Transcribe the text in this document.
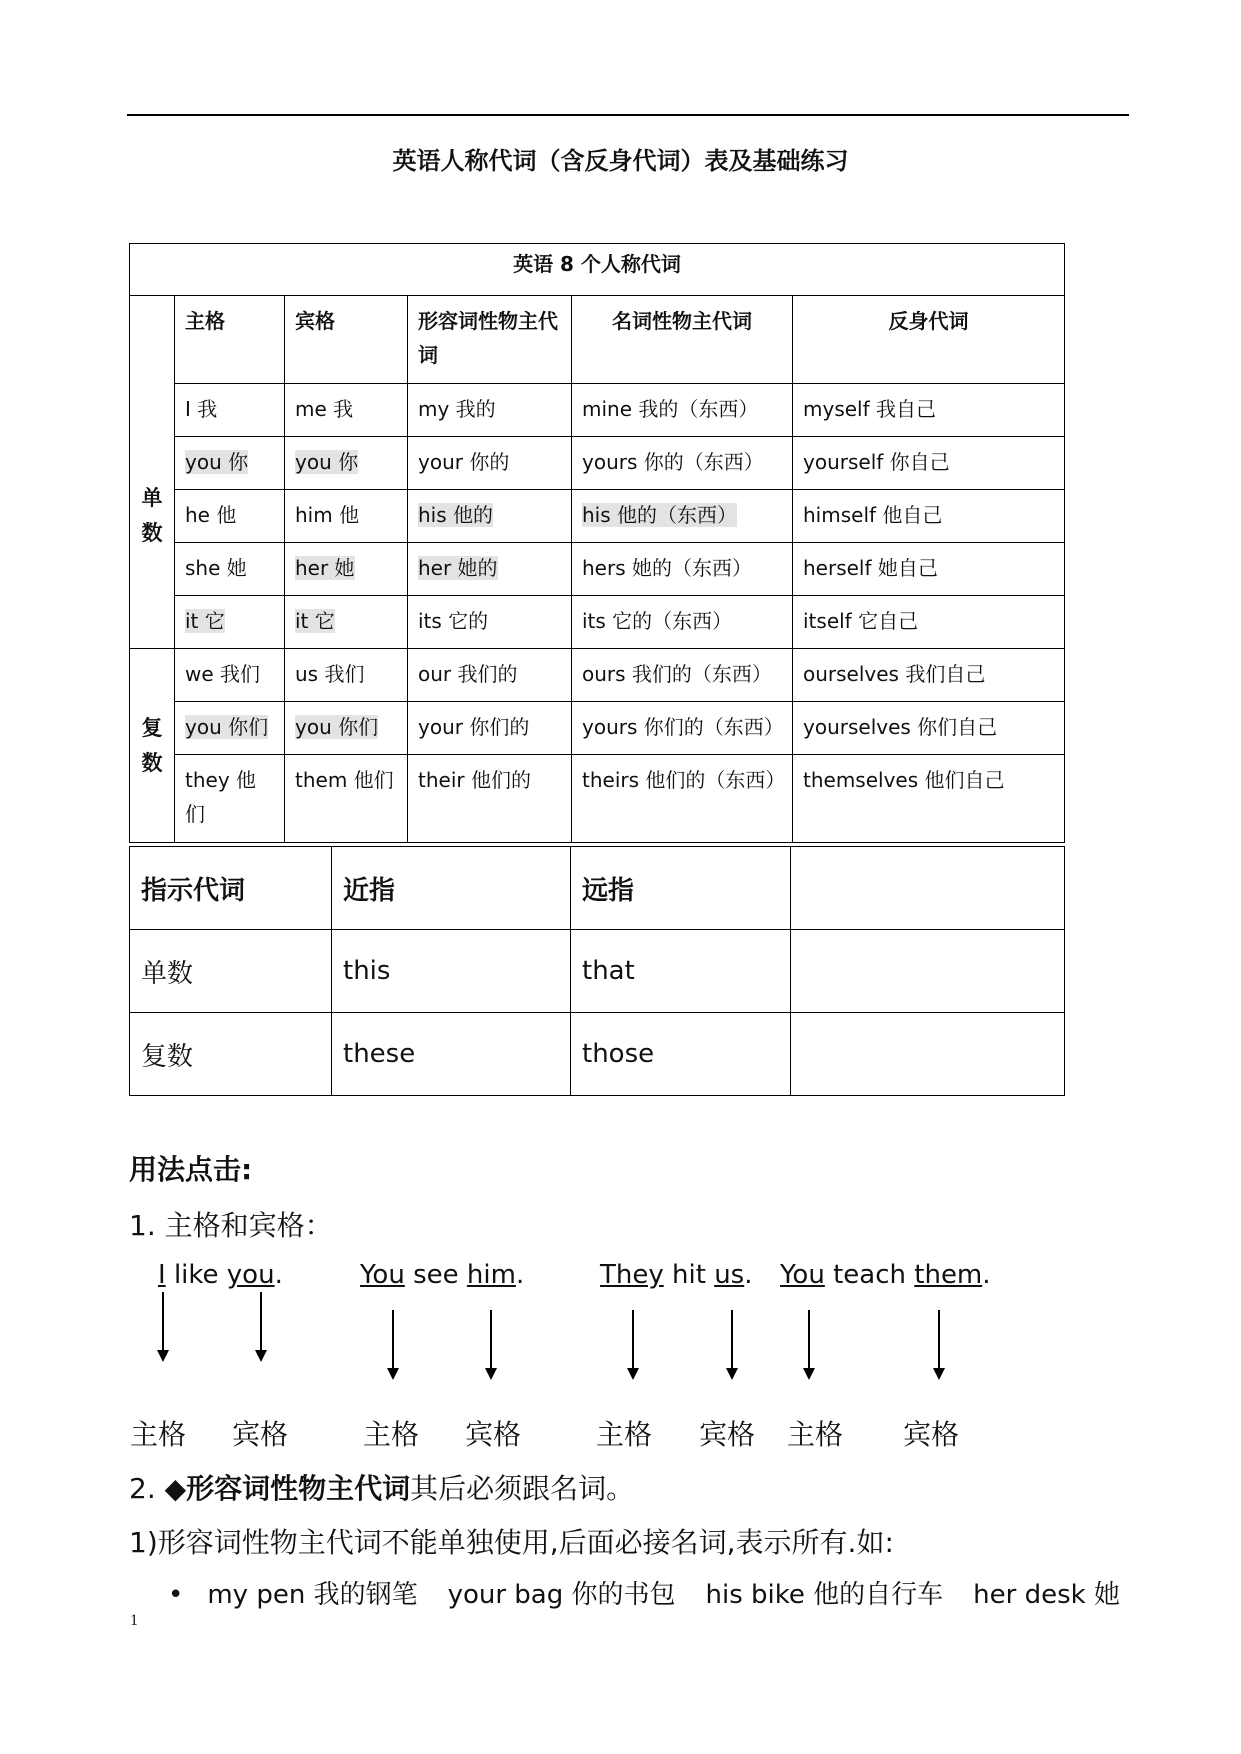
英语人称代词（含反身代词）表及基础练习
英语 8 个人称代词					
	主格	宾格	形容词性物主代词	名词性物主代词	反身代词
单数	I 我	me 我	my 我的	mine 我的（东西）	myself 我自己
	you 你	you 你	your 你的	yours 你的（东西）	yourself 你自己
	he 他	him 他	his 他的	his 他的（东西）	himself 他自己
	she 她	her 她	her 她的	hers 她的（东西）	herself 她自己
	it 它	it 它	its 它的	its 它的（东西）	itself 它自己
复数	we 我们	us 我们	our 我们的	ours 我们的（东西）	ourselves 我们自己
	you 你们	you 你们	your 你们的	yours 你们的（东西）	yourselves 你们自己
	they 他们	them 他们	their 他们的	theirs 他们的（东西）	themselves 他们自己
指示代词	近指	远指	
单数	this	that	
复数	these	those	
用法点击:
1. 主格和宾格：
I like you.	You see him.	They hit us. You teach them.
主格 宾格	主格 宾格	主格 宾格 主格 宾格
2. ◆形容词性物主代词其后必须跟名词。
1)形容词性物主代词不能单独使用,后面必接名词,表示所有.如:
• my pen 我的钢笔 your bag 你的书包 his bike 他的自行车 her desk 她
1
